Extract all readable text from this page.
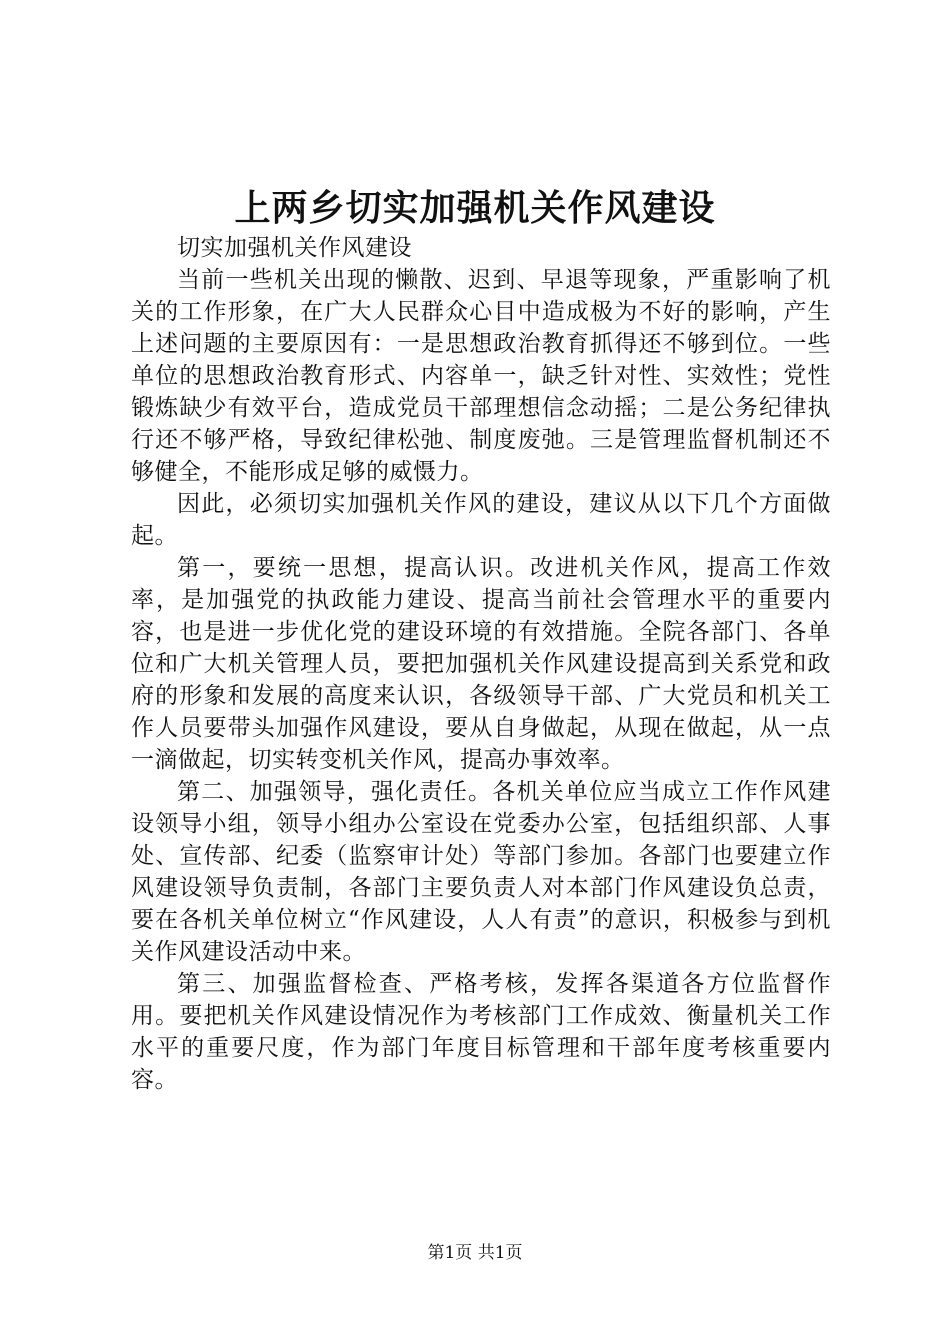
上两乡切实加强机关作风建设

切实加强机关作风建设

当前一些机关出现的懒散、迟到、早退等现象，严重影响了机关的工作形象，在广大人民群众心目中造成极为不好的影响，产生上述问题的主要原因有：一是思想政治教育抓得还不够到位。一些单位的思想政治教育形式、内容单一，缺乏针对性、实效性；党性锻炼缺少有效平台，造成党员干部理想信念动摇；二是公务纪律执行还不够严格，导致纪律松弛、制度废弛。三是管理监督机制还不够健全，不能形成足够的威慑力。

因此，必须切实加强机关作风的建设，建议从以下几个方面做起。

第一，要统一思想，提高认识。改进机关作风，提高工作效率，是加强党的执政能力建设、提高当前社会管理水平的重要内容，也是进一步优化党的建设环境的有效措施。全院各部门、各单位和广大机关管理人员，要把加强机关作风建设提高到关系党和政府的形象和发展的高度来认识，各级领导干部、广大党员和机关工作人员要带头加强作风建设，要从自身做起，从现在做起，从一点一滴做起，切实转变机关作风，提高办事效率。

第二、加强领导，强化责任。各机关单位应当成立工作作风建设领导小组，领导小组办公室设在党委办公室，包括组织部、人事处、宣传部、纪委（监察审计处）等部门参加。各部门也要建立作风建设领导负责制，各部门主要负责人对本部门作风建设负总责，要在各机关单位树立“作风建设，人人有责”的意识，积极参与到机关作风建设活动中来。

第三、加强监督检查、严格考核，发挥各渠道各方位监督作用。要把机关作风建设情况作为考核部门工作成效、衡量机关工作水平的重要尺度，作为部门年度目标管理和干部年度考核重要内容。

第1页 共1页
